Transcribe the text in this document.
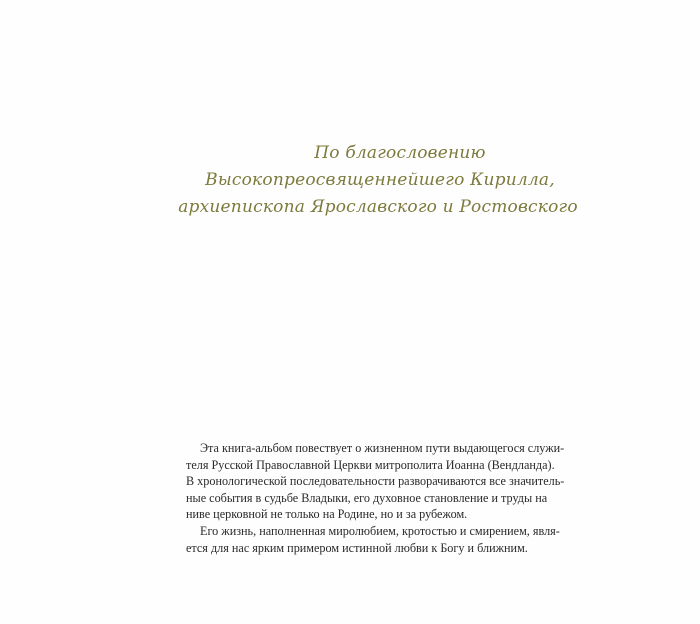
По благословению
Высокопреосвященнейшего Кирилла,
архиепископа Ярославского и Ростовского
Эта книга-альбом повествует о жизненном пути выдающегося служи-
теля Русской Православной Церкви митрополита Иоанна (Вендланда).
В хронологической последовательности разворачиваются все значитель-
ные события в судьбе Владыки, его духовное становление и труды на
ниве церковной не только на Родине, но и за рубежом.
Его жизнь, наполненная миролюбием, кротостью и смирением, явля-
ется для нас ярким примером истинной любви к Богу и ближним.
